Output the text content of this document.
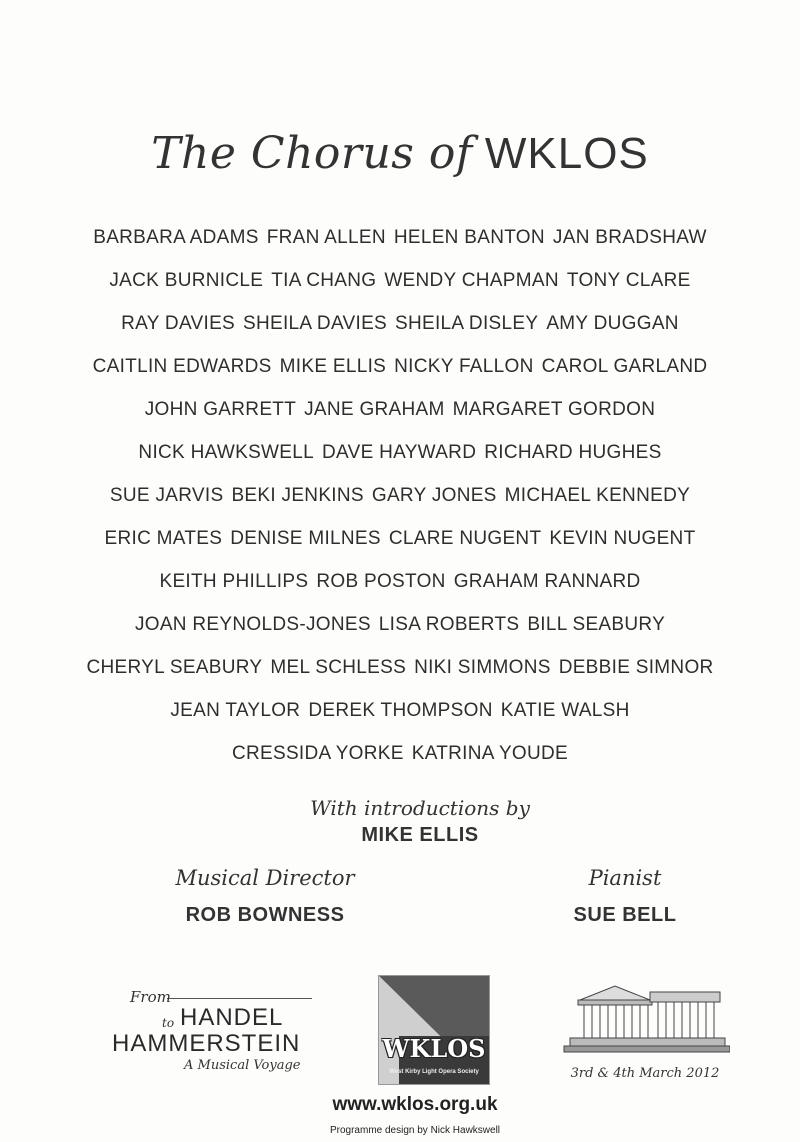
The Chorus of WKLOS
BARBARA ADAMS FRAN ALLEN HELEN BANTON JAN BRADSHAW
JACK BURNICLE TIA CHANG WENDY CHAPMAN TONY CLARE
RAY DAVIES SHEILA DAVIES SHEILA DISLEY AMY DUGGAN
CAITLIN EDWARDS MIKE ELLIS NICKY FALLON CAROL GARLAND
JOHN GARRETT JANE GRAHAM MARGARET GORDON
NICK HAWKSWELL DAVE HAYWARD RICHARD HUGHES
SUE JARVIS BEKI JENKINS GARY JONES MICHAEL KENNEDY
ERIC MATES DENISE MILNES CLARE NUGENT KEVIN NUGENT
KEITH PHILLIPS ROB POSTON GRAHAM RANNARD
JOAN REYNOLDS-JONES LISA ROBERTS BILL SEABURY
CHERYL SEABURY MEL SCHLESS NIKI SIMMONS DEBBIE SIMNOR
JEAN TAYLOR DEREK THOMPSON KATIE WALSH
CRESSIDA YORKE KATRINA YOUDE
With introductions by
MIKE ELLIS
Musical Director
ROB BOWNESS
Pianist
SUE BELL
From
to HANDEL
HAMMERSTEIN
A Musical Voyage
WKLOS
West Kirby Light Opera Society	3rd & 4th March 2012
www.wklos.org.uk
Programme design by Nick Hawkswell
